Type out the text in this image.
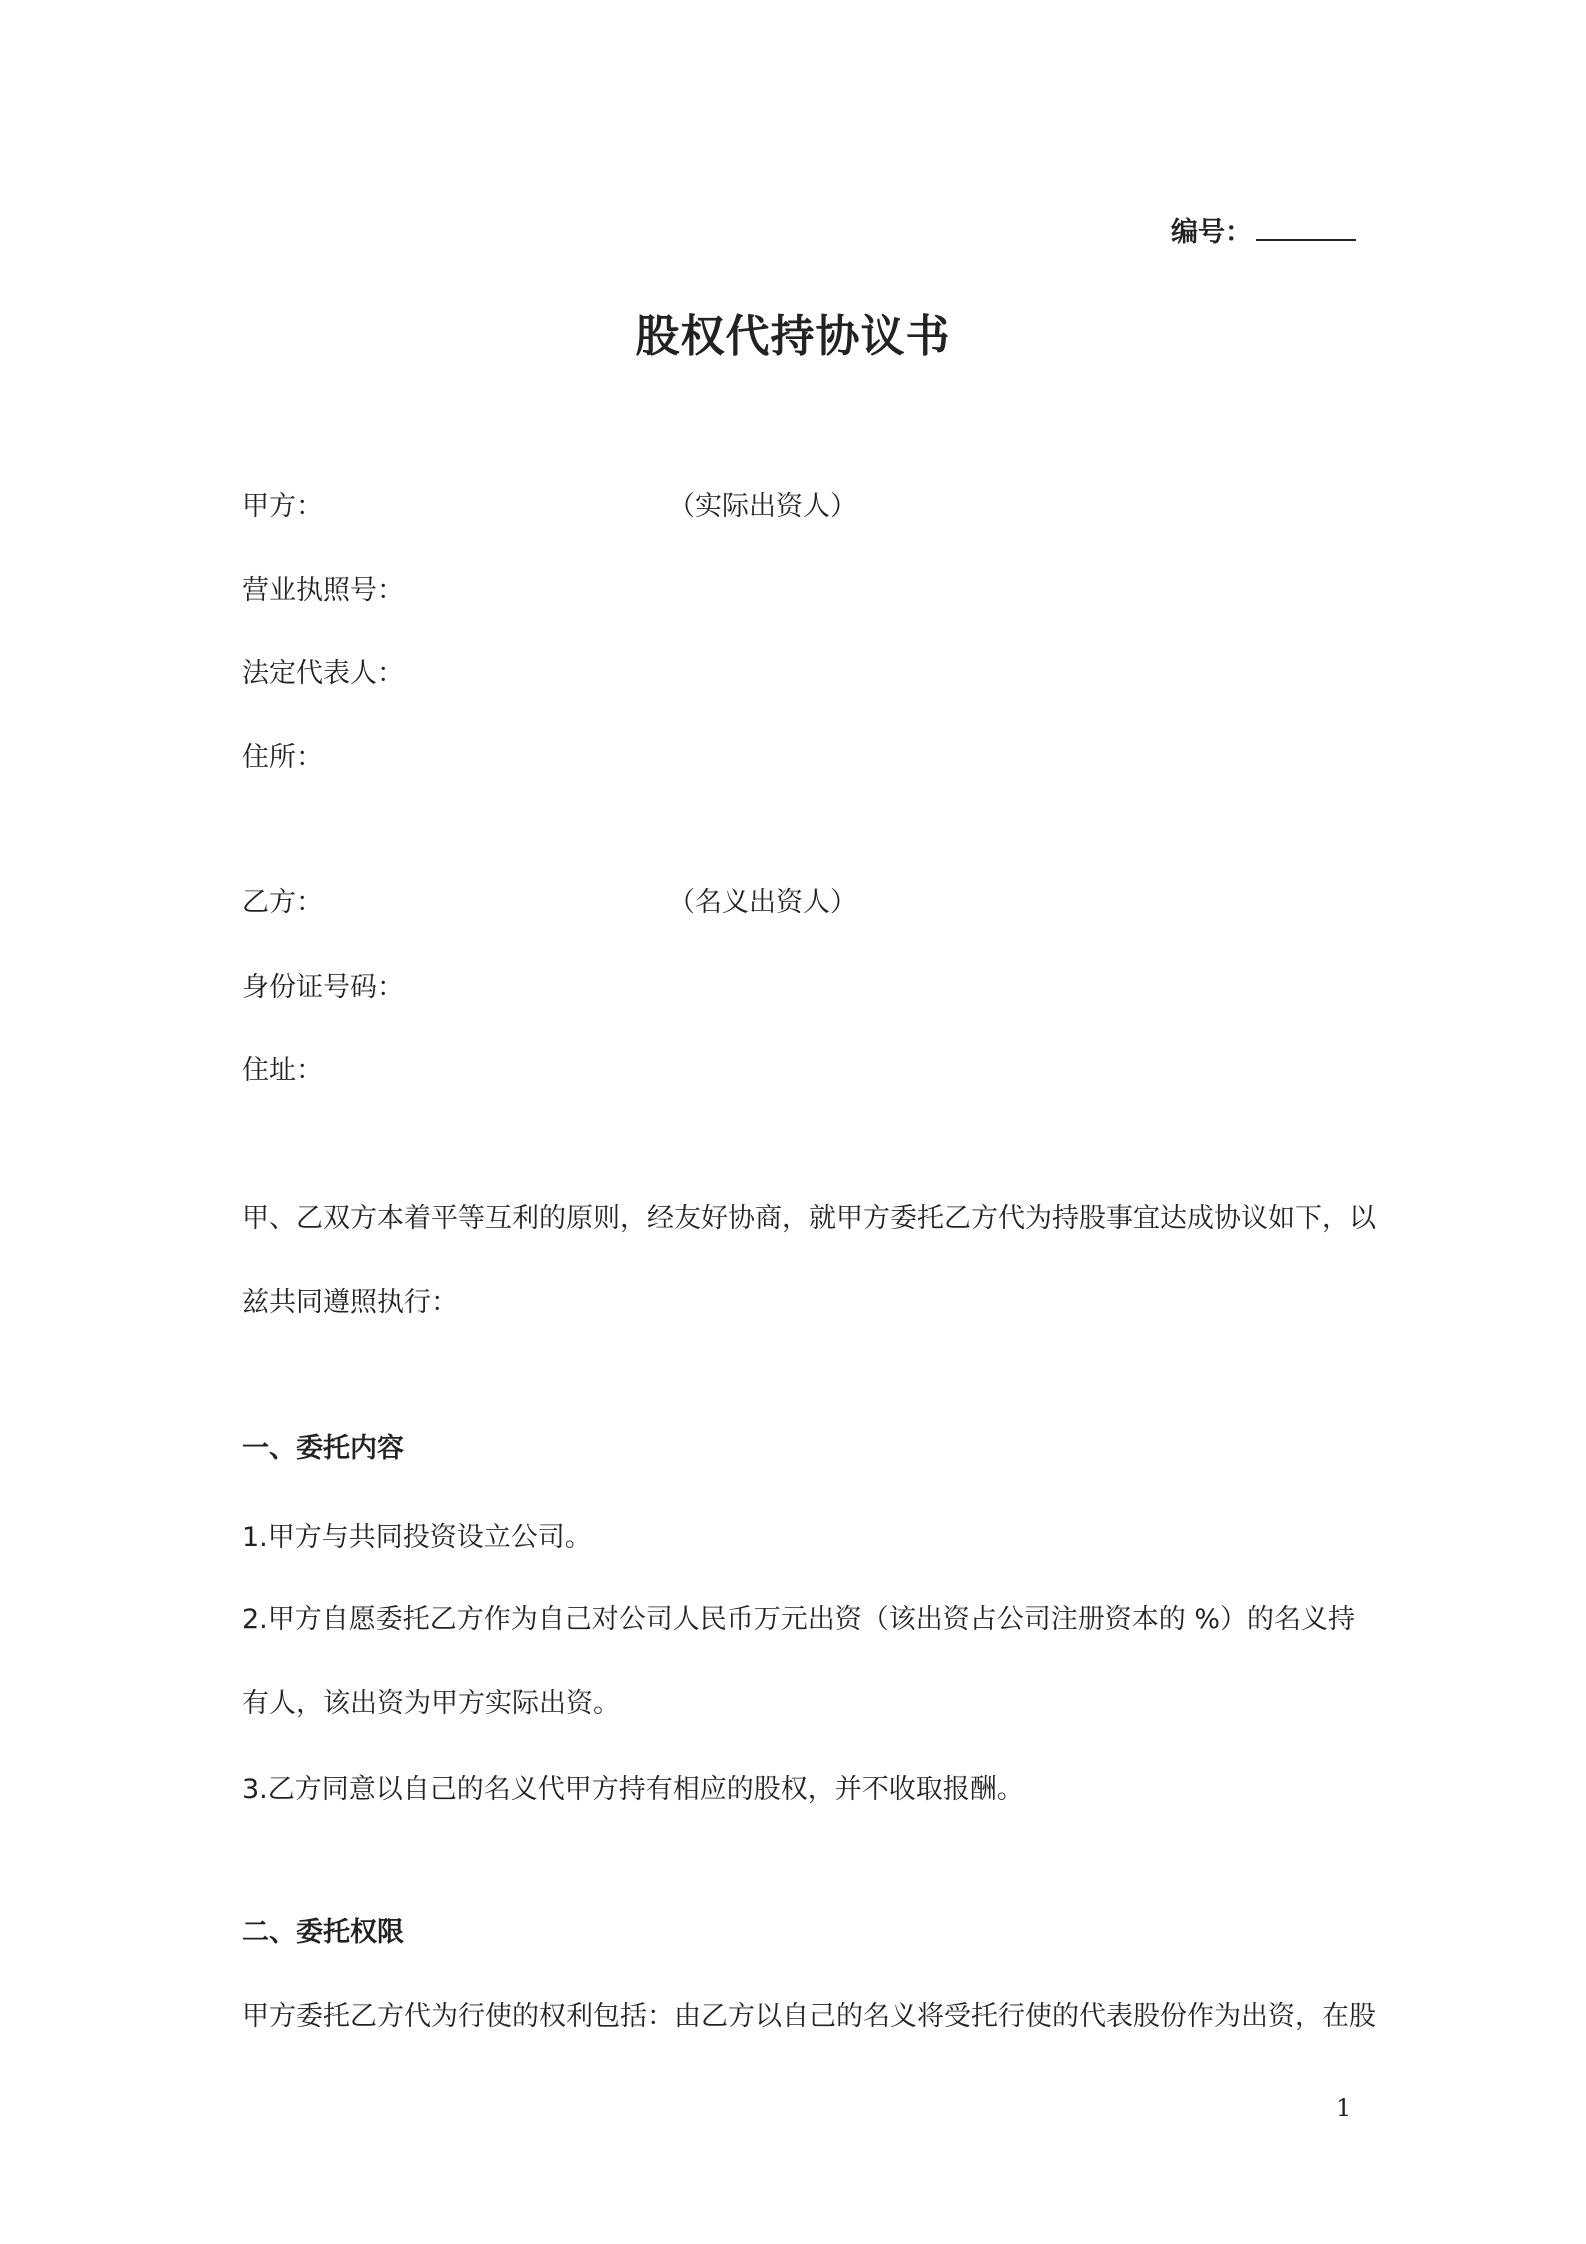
编号：
股权代持协议书
甲方：	（实际出资人）
营业执照号：
法定代表人：
住所：
乙方：	（名义出资人）
身份证号码：
住址：
甲、乙双方本着平等互利的原则，经友好协商，就甲方委托乙方代为持股事宜达成协议如下，以
兹共同遵照执行：
一、委托内容
1.甲方与共同投资设立公司。
2.甲方自愿委托乙方作为自己对公司人民币万元出资（该出资占公司注册资本的 %）的名义持
有人，该出资为甲方实际出资。
3.乙方同意以自己的名义代甲方持有相应的股权，并不收取报酬。
二、委托权限
甲方委托乙方代为行使的权利包括：由乙方以自己的名义将受托行使的代表股份作为出资，在股
1
